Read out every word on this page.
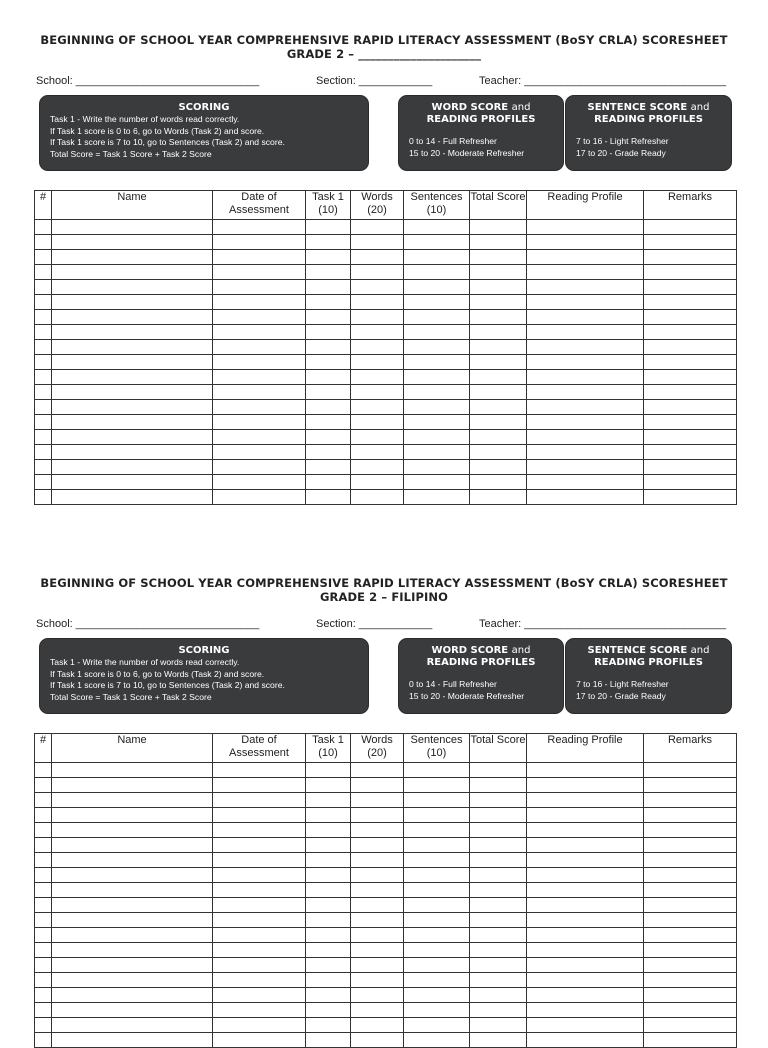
BEGINNING OF SCHOOL YEAR COMPREHENSIVE RAPID LITERACY ASSESSMENT (BoSY CRLA) SCORESHEET
GRADE 2 – _____________________
School: ______________________________	Section: ____________	Teacher: _________________________________
SCORING
Task 1 - Write the number of words read correctly.
If Task 1 score is 0 to 6, go to Words (Task 2) and score.
If Task 1 score is 7 to 10, go to Sentences (Task 2) and score.
Total Score = Task 1 Score + Task 2 Score
WORD SCORE and
READING PROFILES
0 to 14 - Full Refresher
15 to 20 - Moderate Refresher
SENTENCE SCORE and
READING PROFILES
7 to 16 - Light Refresher
17 to 20 - Grade Ready
#	Name	Date of Assessment	Task 1 (10)	Words (20)	Sentences (10)	Total Score	Reading Profile	Remarks

BEGINNING OF SCHOOL YEAR COMPREHENSIVE RAPID LITERACY ASSESSMENT (BoSY CRLA) SCORESHEET
GRADE 2 – FILIPINO
School: ______________________________	Section: ____________	Teacher: _________________________________
SCORING
Task 1 - Write the number of words read correctly.
If Task 1 score is 0 to 6, go to Words (Task 2) and score.
If Task 1 score is 7 to 10, go to Sentences (Task 2) and score.
Total Score = Task 1 Score + Task 2 Score
WORD SCORE and
READING PROFILES
0 to 14 - Full Refresher
15 to 20 - Moderate Refresher
SENTENCE SCORE and
READING PROFILES
7 to 16 - Light Refresher
17 to 20 - Grade Ready
#	Name	Date of Assessment	Task 1 (10)	Words (20)	Sentences (10)	Total Score	Reading Profile	Remarks
